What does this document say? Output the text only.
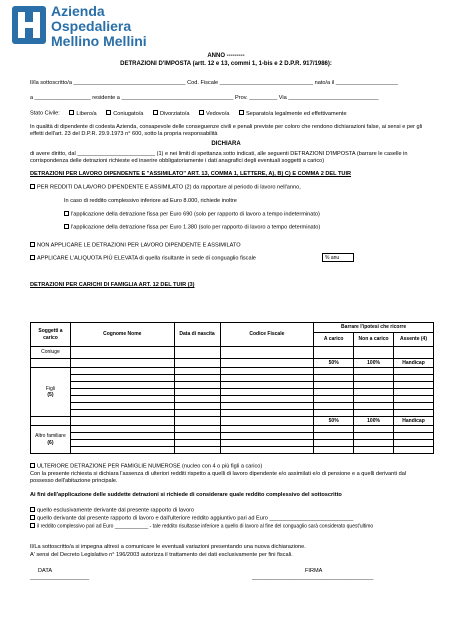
Azienda
Ospedaliera
Mellino Mellini
ANNO ---------
DETRAZIONI D'IMPOSTA (artt. 12 e 13, commi 1, 1-bis e 2 D.P.R. 917/1986):
Il/la sottoscritto/a ____________________________________ Cod. Fiscale ______________________________ nato/a il ____________________
a __________________ residente a ____________________________________ Prov. _________ Via _____________________________
Stato Civile:	Libero/a	Coniugato/a	Divorziato/a	Vedovo/a	Separato/a legalmente ed effettivamente
In qualità di dipendente di codesta Azienda, consapevole delle conseguenze civili e penali previste per coloro che rendono dichiarazioni false, ai sensi e per gli effetti dell'art. 23 del D.P.R. 29.9.1973 n° 600, sotto la propria responsabilità
DICHIARA
di avere diritto, dal _________________________ (1) e nei limiti di spettanza sotto indicati, alle seguenti DETRAZIONI D'IMPOSTA (barrare le caselle in corrispondenza delle detrazioni richieste ed inserire obbligatoriamente i dati anagrafici degli eventuali soggetti a carico)
DETRAZIONI PER LAVORO DIPENDENTE E "ASSIMILATO" ART. 13, COMMA 1, LETTERE, A), B) C) E COMMA 2 DEL TUIR
PER REDDITI DA LAVORO DIPENDENTE E ASSIMILATO (2) da rapportare al periodo di lavoro nell'anno,
In caso di reddito complessivo inferiore ad Euro 8.000, richiede inoltre
l'applicazione della detrazione fissa per Euro 690 (solo per rapporto di lavoro a tempo indeterminato)
l'applicazione della detrazione fissa per Euro 1.380 (solo per rapporto di lavoro a tempo determinato)
NON APPLICARE LE DETRAZIONI PER LAVORO DIPENDENTE E ASSIMILATO
APPLICARE L'ALIQUOTA PIÙ ELEVATA di quella risultante in sede di conguaglio fiscale	% anu
DETRAZIONI PER CARICHI DI FAMIGLIA ART. 12 DEL TUIR (3)
Soggetti a carico	Cognome Nome	Data di nascita	Codice Fiscale	Barrare l'ipotesi che ricorre		
				A carico	Non a carico	Assente (4)
Coniuge						
				50%	100%	Handicap
Figli
(5)						

				50%	100%	Handicap
Altro familiare
(6)						

ULTERIORE DETRAZIONE PER FAMIGLIE NUMEROSE (nucleo con 4 o più figli a carico)
Con la presente richiesta si dichiara l'assenza di ulteriori redditi rispetto a quelli di lavoro dipendente e/o assimilati e/o di pensione e a quelli derivanti dal possesso dell'abitazione principale.
Ai fini dell'applicazione delle suddette detrazioni si richiede di considerare quale reddito complessivo del sottoscritto
quello esclusivamente derivante dal presente rapporto di lavoro
quello derivante dal presente rapporto di lavoro e dall'ulteriore reddito aggiuntivo pari ad Euro ___________________________
il reddito complessivo pari ad Euro ____________ - tale reddito risultasse inferiore a quello di lavoro al fine del conguaglio sarà considerato quest'ultimo
Il/La sottoscritto/a si impegna altresì a comunicare le eventuali variazioni presentando una nuova dichiarazione.
A' sensi del Decreto Legislativo n° 196/2003 autorizza il trattamento dei dati esclusivamente per fini fiscali.
DATA	FIRMA
___________________	_______________________________________
